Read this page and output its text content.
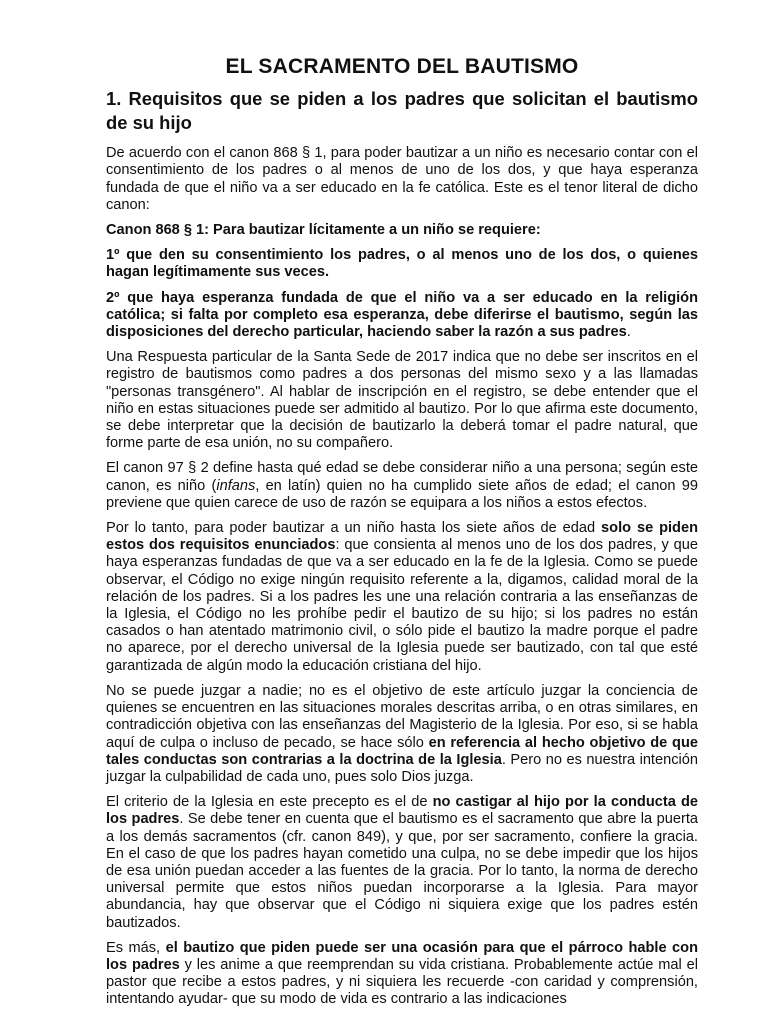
EL SACRAMENTO DEL BAUTISMO
1. Requisitos que se piden a los padres que solicitan el bautismo de su hijo

De acuerdo con el canon 868 § 1, para poder bautizar a un niño es necesario contar con el consentimiento de los padres o al menos de uno de los dos, y que haya esperanza fundada de que el niño va a ser educado en la fe católica. Este es el tenor literal de dicho canon:

Canon 868 § 1: Para bautizar lícitamente a un niño se requiere:

1º que den su consentimiento los padres, o al menos uno de los dos, o quienes hagan legítimamente sus veces.

2º que haya esperanza fundada de que el niño va a ser educado en la religión católica; si falta por completo esa esperanza, debe diferirse el bautismo, según las disposiciones del derecho particular, haciendo saber la razón a sus padres.

Una Respuesta particular de la Santa Sede de 2017 indica que no debe ser inscritos en el registro de bautismos como padres a dos personas del mismo sexo y a las llamadas "personas transgénero". Al hablar de inscripción en el registro, se debe entender que el niño en estas situaciones puede ser admitido al bautizo. Por lo que afirma este documento, se debe interpretar que la decisión de bautizarlo la deberá tomar el padre natural, que forme parte de esa unión, no su compañero.

El canon 97 § 2 define hasta qué edad se debe considerar niño a una persona; según este canon, es niño (infans, en latín) quien no ha cumplido siete años de edad; el canon 99 previene que quien carece de uso de razón se equipara a los niños a estos efectos.

Por lo tanto, para poder bautizar a un niño hasta los siete años de edad solo se piden estos dos requisitos enunciados: que consienta al menos uno de los dos padres, y que haya esperanzas fundadas de que va a ser educado en la fe de la Iglesia. Como se puede observar, el Código no exige ningún requisito referente a la, digamos, calidad moral de la relación de los padres. Si a los padres les une una relación contraria a las enseñanzas de la Iglesia, el Código no les prohíbe pedir el bautizo de su hijo; si los padres no están casados o han atentado matrimonio civil, o sólo pide el bautizo la madre porque el padre no aparece, por el derecho universal de la Iglesia puede ser bautizado, con tal que esté garantizada de algún modo la educación cristiana del hijo.

No se puede juzgar a nadie; no es el objetivo de este artículo juzgar la conciencia de quienes se encuentren en las situaciones morales descritas arriba, o en otras similares, en contradicción objetiva con las enseñanzas del Magisterio de la Iglesia. Por eso, si se habla aquí de culpa o incluso de pecado, se hace sólo en referencia al hecho objetivo de que tales conductas son contrarias a la doctrina de la Iglesia. Pero no es nuestra intención juzgar la culpabilidad de cada uno, pues solo Dios juzga.

El criterio de la Iglesia en este precepto es el de no castigar al hijo por la conducta de los padres. Se debe tener en cuenta que el bautismo es el sacramento que abre la puerta a los demás sacramentos (cfr. canon 849), y que, por ser sacramento, confiere la gracia. En el caso de que los padres hayan cometido una culpa, no se debe impedir que los hijos de esa unión puedan acceder a las fuentes de la gracia. Por lo tanto, la norma de derecho universal permite que estos niños puedan incorporarse a la Iglesia. Para mayor abundancia, hay que observar que el Código ni siquiera exige que los padres estén bautizados.

Es más, el bautizo que piden puede ser una ocasión para que el párroco hable con los padres y les anime a que reemprendan su vida cristiana. Probablemente actúe mal el pastor que recibe a estos padres, y ni siquiera les recuerde -con caridad y comprensión, intentando ayudar- que su modo de vida es contrario a las indicaciones
